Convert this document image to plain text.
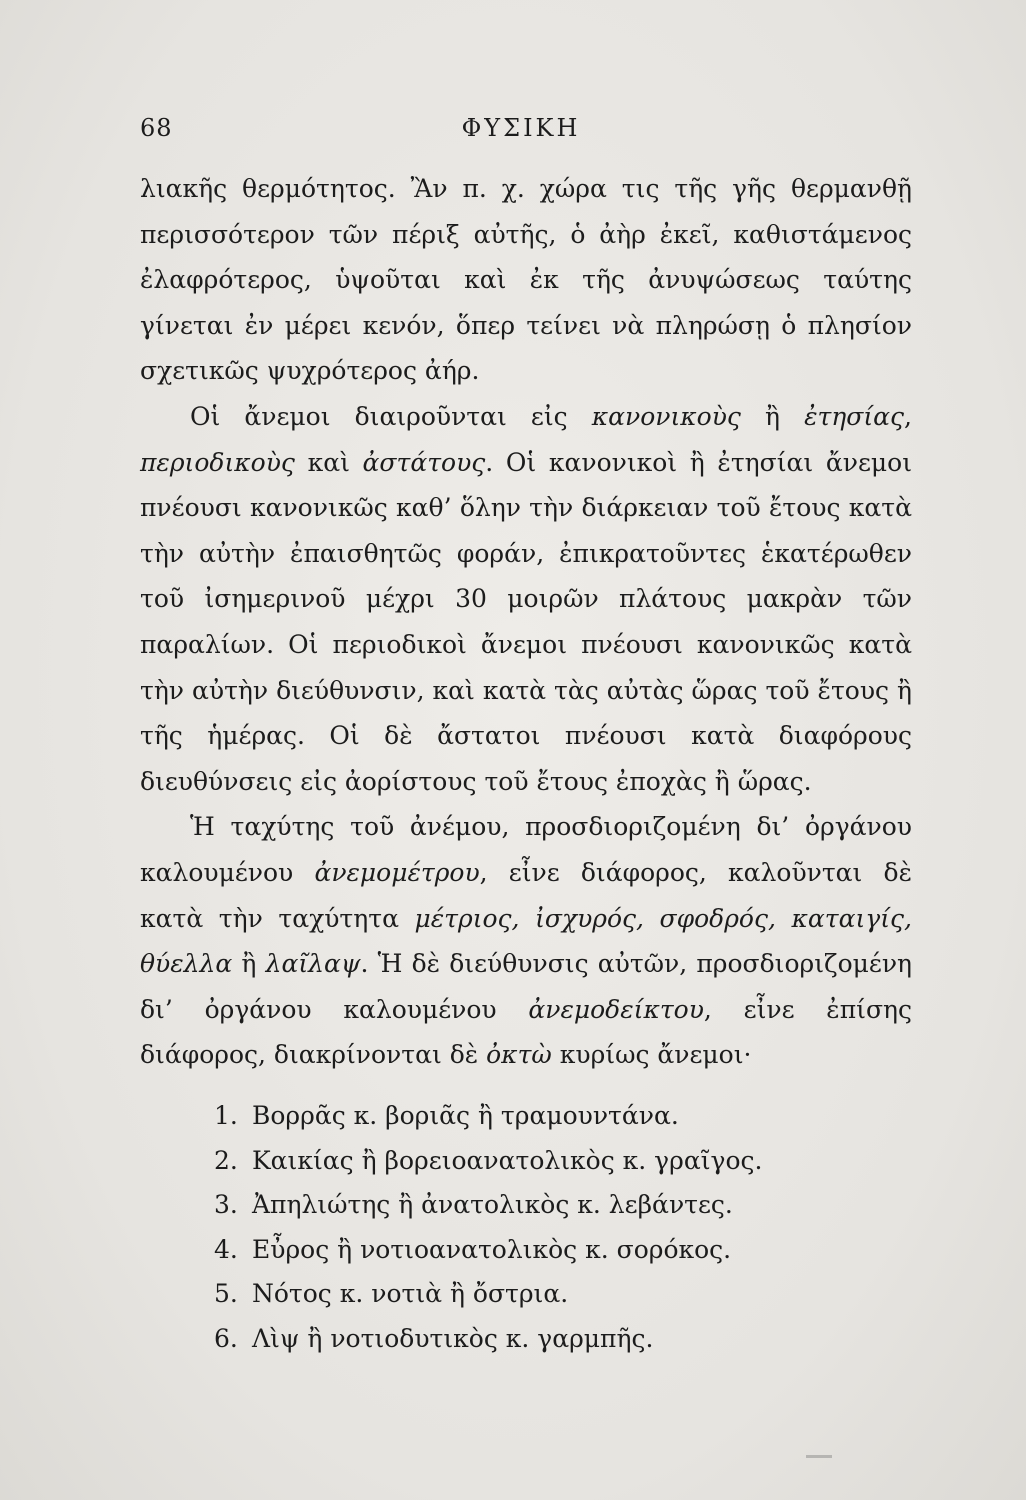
68	ΦΥΣΙΚΗ

λιακῆς θερμότητος. Ἂν π. χ. χώρα τις τῆς γῆς θερμανθῇ περισσότερον τῶν πέριξ αὐτῆς, ὁ ἀὴρ ἐκεῖ, καθιστάμενος ἐλαφρότερος, ὑψοῦται καὶ ἐκ τῆς ἀνυψώσεως ταύτης γίνεται ἐν μέρει κενόν, ὅπερ τείνει νὰ πληρώσῃ ὁ πλησίον σχετικῶς ψυχρότερος ἀήρ.

Οἱ ἄνεμοι διαιροῦνται εἰς κανονικοὺς ἢ ἐτησίας, περιοδικοὺς καὶ ἀστάτους. Οἱ κανονικοὶ ἢ ἐτησίαι ἄνεμοι πνέουσι κανονικῶς καθ’ ὅλην τὴν διάρκειαν τοῦ ἔτους κατὰ τὴν αὐτὴν ἐπαισθητῶς φοράν, ἐπικρατοῦντες ἑκατέρωθεν τοῦ ἰσημερινοῦ μέχρι 30 μοιρῶν πλάτους μακρὰν τῶν παραλίων. Οἱ περιοδικοὶ ἄνεμοι πνέουσι κανονικῶς κατὰ τὴν αὐτὴν διεύθυνσιν, καὶ κατὰ τὰς αὐτὰς ὥρας τοῦ ἔτους ἢ τῆς ἡμέρας. Οἱ δὲ ἄστατοι πνέουσι κατὰ διαφόρους διευθύνσεις εἰς ἀορίστους τοῦ ἔτους ἐποχὰς ἢ ὥρας.

Ἡ ταχύτης τοῦ ἀνέμου, προσδιοριζομένη δι’ ὀργάνου καλουμένου ἀνεμομέτρου, εἶνε διάφορος, καλοῦνται δὲ κατὰ τὴν ταχύτητα μέτριος, ἰσχυρός, σφοδρός, καταιγίς, θύελλα ἢ λαῖλαψ. Ἡ δὲ διεύθυνσις αὐτῶν, προσδιοριζομένη δι’ ὀργάνου καλουμένου ἀνεμοδείκτου, εἶνε ἐπίσης διάφορος, διακρίνονται δὲ ὀκτὼ κυρίως ἄνεμοι·

1. Βορρᾶς κ. βοριᾶς ἢ τραμουντάνα.
2. Καικίας ἢ βορειοανατολικὸς κ. γραῖγος.
3. Ἀπηλιώτης ἢ ἀνατολικὸς κ. λεβάντες.
4. Εὖρος ἢ νοτιοανατολικὸς κ. σορόκος.
5. Νότος κ. νοτιὰ ἢ ὄστρια.
6. Λὶψ ἢ νοτιοδυτικὸς κ. γαρμπῆς.
